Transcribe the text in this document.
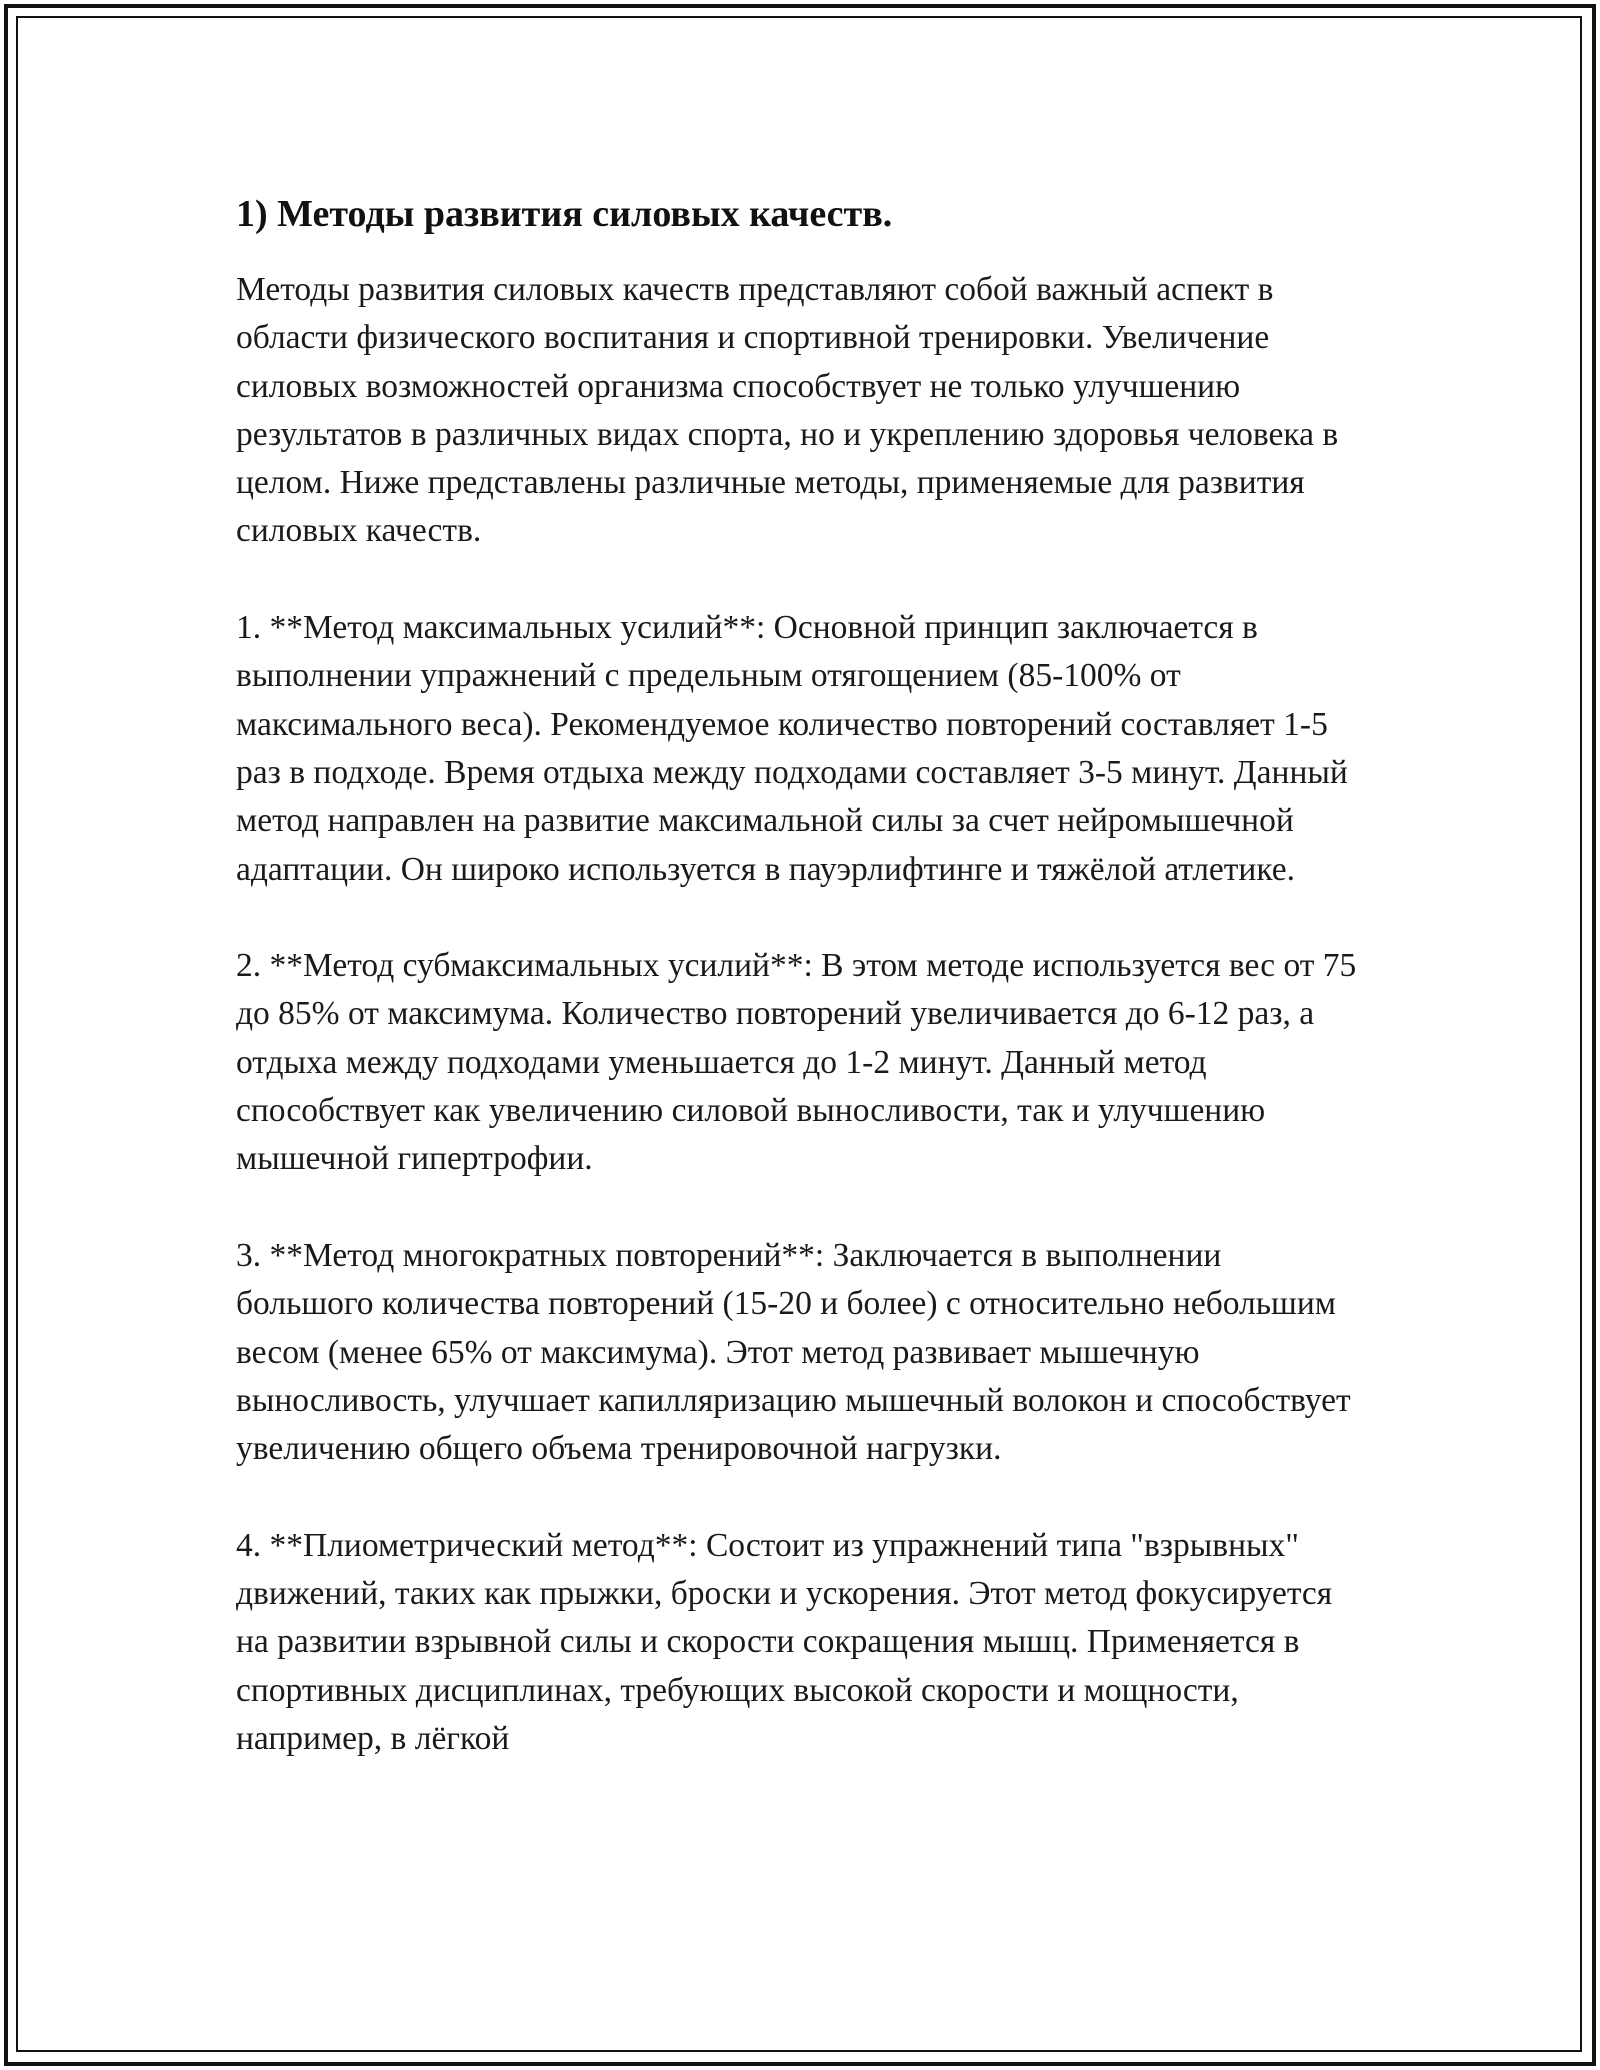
1) Методы развития силовых качеств.

Методы развития силовых качеств представляют собой важный аспект в области физического воспитания и спортивной тренировки. Увеличение силовых возможностей организма способствует не только улучшению результатов в различных видах спорта, но и укреплению здоровья человека в целом. Ниже представлены различные методы, применяемые для развития силовых качеств.

1. **Метод максимальных усилий**: Основной принцип заключается в выполнении упражнений с предельным отягощением (85-100% от максимального веса). Рекомендуемое количество повторений составляет 1-5 раз в подходе. Время отдыха между подходами составляет 3-5 минут. Данный метод направлен на развитие максимальной силы за счет нейромышечной адаптации. Он широко используется в пауэрлифтинге и тяжёлой атлетике.

2. **Метод субмаксимальных усилий**: В этом методе используется вес от 75 до 85% от максимума. Количество повторений увеличивается до 6-12 раз, а отдыха между подходами уменьшается до 1-2 минут. Данный метод способствует как увеличению силовой выносливости, так и улучшению мышечной гипертрофии.

3. **Метод многократных повторений**: Заключается в выполнении большого количества повторений (15-20 и более) с относительно небольшим весом (менее 65% от максимума). Этот метод развивает мышечную выносливость, улучшает капилляризацию мышечный волокон и способствует увеличению общего объема тренировочной нагрузки.

4. **Плиометрический метод**: Состоит из упражнений типа "взрывных" движений, таких как прыжки, броски и ускорения. Этот метод фокусируется на развитии взрывной силы и скорости сокращения мышц. Применяется в спортивных дисциплинах, требующих высокой скорости и мощности, например, в лёгкой
